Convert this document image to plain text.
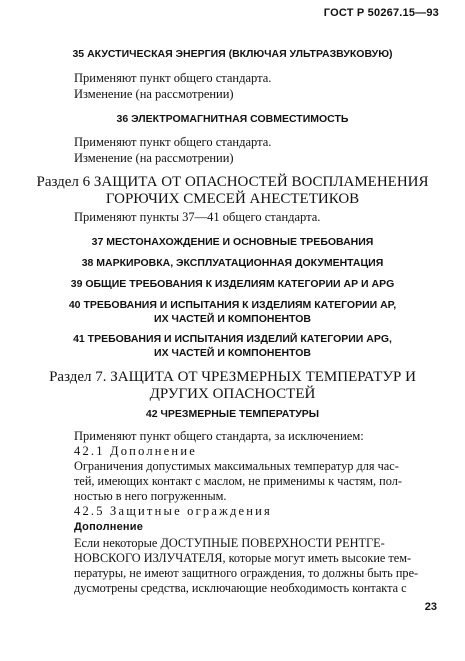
ГОСТ Р 50267.15—93
35 АКУСТИЧЕСКАЯ ЭНЕРГИЯ (ВКЛЮЧАЯ УЛЬТРАЗВУКОВУЮ)
Применяют пункт общего стандарта.
Изменение (на рассмотрении)
36 ЭЛЕКТРОМАГНИТНАЯ СОВМЕСТИМОСТЬ
Применяют пункт общего стандарта.
Изменение (на рассмотрении)
Раздел 6 ЗАЩИТА ОТ ОПАСНОСТЕЙ ВОСПЛАМЕНЕНИЯ
ГОРЮЧИХ СМЕСЕЙ АНЕСТЕТИКОВ
Применяют пункты 37—41 общего стандарта.
37 МЕСТОНАХОЖДЕНИЕ И ОСНОВНЫЕ ТРЕБОВАНИЯ
38 МАРКИРОВКА, ЭКСПЛУАТАЦИОННАЯ ДОКУМЕНТАЦИЯ
39 ОБЩИЕ ТРЕБОВАНИЯ К ИЗДЕЛИЯМ КАТЕГОРИИ АР И APG
40 ТРЕБОВАНИЯ И ИСПЫТАНИЯ К ИЗДЕЛИЯМ КАТЕГОРИИ АР,
ИХ ЧАСТЕЙ И КОМПОНЕНТОВ
41 ТРЕБОВАНИЯ И ИСПЫТАНИЯ ИЗДЕЛИЙ КАТЕГОРИИ APG,
ИХ ЧАСТЕЙ И КОМПОНЕНТОВ
Раздел 7. ЗАЩИТА ОТ ЧРЕЗМЕРНЫХ ТЕМПЕРАТУР И
ДРУГИХ ОПАСНОСТЕЙ
42 ЧРЕЗМЕРНЫЕ ТЕМПЕРАТУРЫ
Применяют пункт общего стандарта, за исключением:
42.1 Дополнение
Ограничения допустимых максимальных температур для час-
тей, имеющих контакт с маслом, не применимы к частям, пол-
ностью в него погруженным.
42.5 Защитные ограждения
Дополнение
Если некоторые ДОСТУПНЫЕ ПОВЕРХНОСТИ РЕНТГЕ-
НОВСКОГО ИЗЛУЧАТЕЛЯ, которые могут иметь высокие тем-
пературы, не имеют защитного ограждения, то должны быть пре-
дусмотрены средства, исключающие необходимость контакта с
23
